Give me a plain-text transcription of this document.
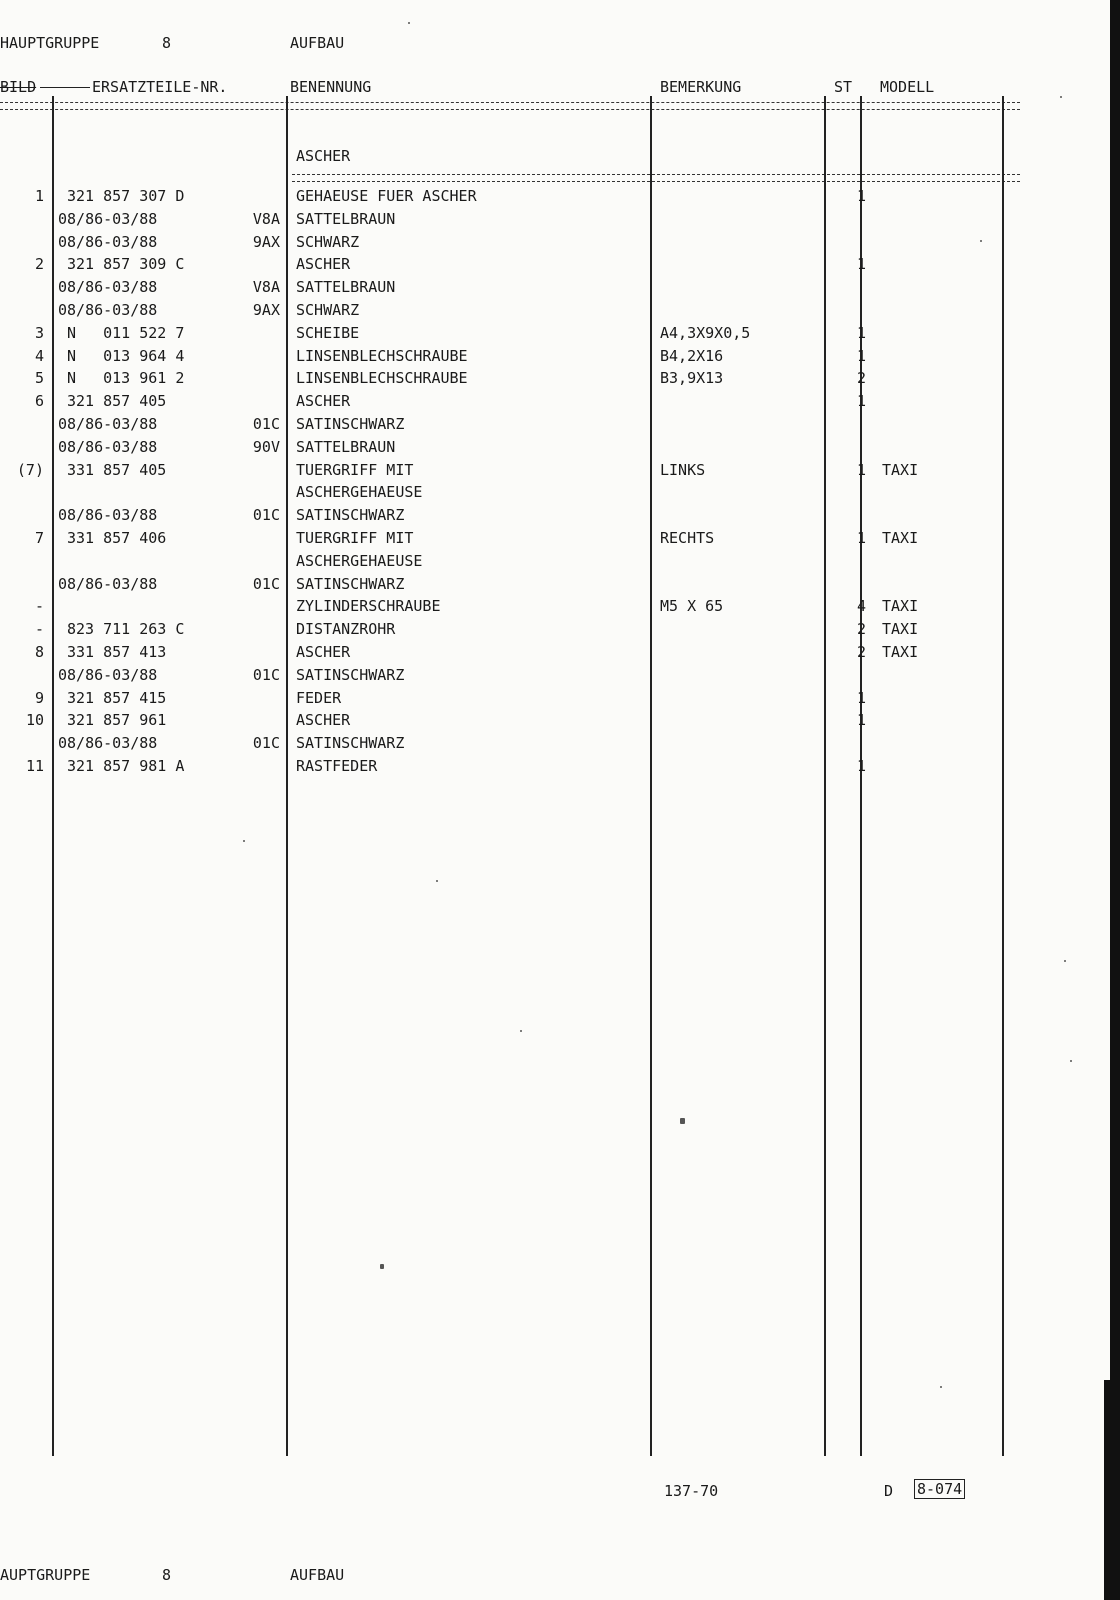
HAUPTGRUPPE	8	AUFBAU
BILD	ERSATZTEILE-NR.	BENENNUNG	BEMERKUNG	ST MODELL
ASCHER
1 321 857 307 D	GEHAEUSE FUER ASCHER	1
08/86-03/88	V8A SATTELBRAUN
08/86-03/88	9AX SCHWARZ
2 321 857 309 C	ASCHER	1
08/86-03/88	V8A SATTELBRAUN
08/86-03/88	9AX SCHWARZ
3 N   011 522 7	SCHEIBE	A4,3X9X0,5	1
4 N   013 964 4	LINSENBLECHSCHRAUBE	B4,2X16	1
5 N   013 961 2	LINSENBLECHSCHRAUBE	B3,9X13	2
6 321 857 405	ASCHER	1
08/86-03/88	01C SATINSCHWARZ
08/86-03/88	90V SATTELBRAUN
(7) 331 857 405	TUERGRIFF MIT	LINKS	1 TAXI
ASCHERGEHAEUSE
08/86-03/88	01C SATINSCHWARZ
7 331 857 406	TUERGRIFF MIT	RECHTS	1 TAXI
ASCHERGEHAEUSE
08/86-03/88	01C SATINSCHWARZ
-	ZYLINDERSCHRAUBE	M5 X 65	4 TAXI
- 823 711 263 C	DISTANZROHR	2 TAXI
8 331 857 413	ASCHER	2 TAXI
08/86-03/88	01C SATINSCHWARZ
9 321 857 415	FEDER	1
10 321 857 961	ASCHER	1
08/86-03/88	01C SATINSCHWARZ
11 321 857 981 A	RASTFEDER	1
137-70	D 8-074
AUPTGRUPPE	8	AUFBAU
